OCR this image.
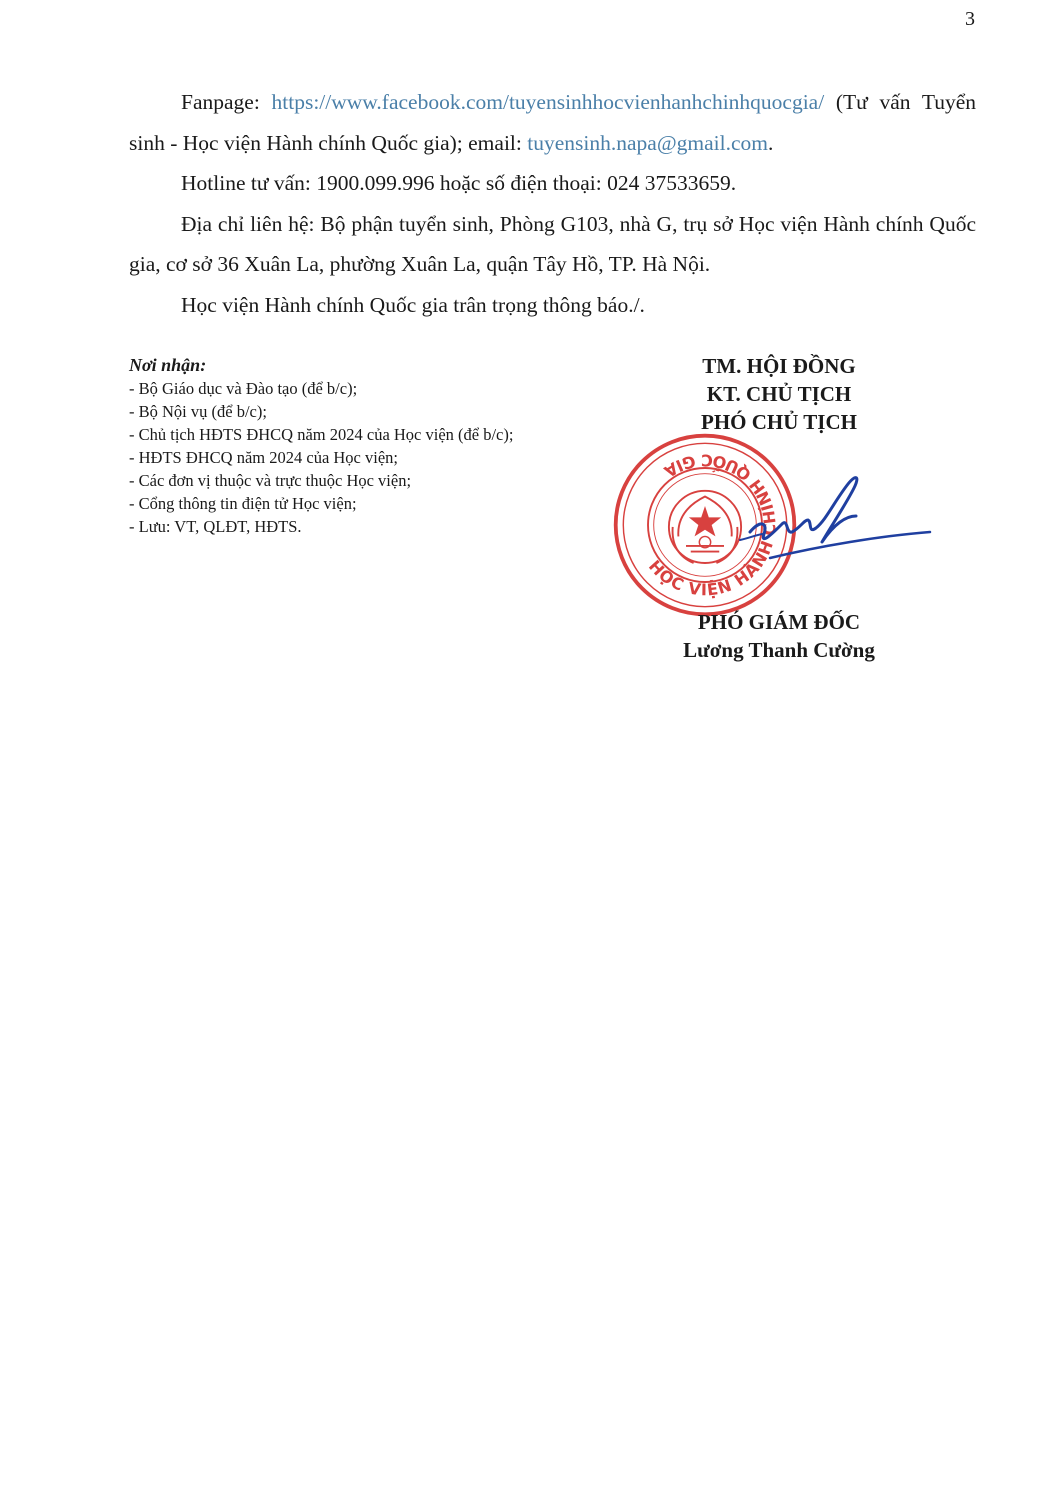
3

Fanpage: https://www.facebook.com/tuyensinhhocvienhanhchinhquocgia/ (Tư vấn Tuyển sinh - Học viện Hành chính Quốc gia); email: tuyensinh.napa@gmail.com.

Hotline tư vấn: 1900.099.996 hoặc số điện thoại: 024 37533659.

Địa chỉ liên hệ: Bộ phận tuyển sinh, Phòng G103, nhà G, trụ sở Học viện Hành chính Quốc gia, cơ sở 36 Xuân La, phường Xuân La, quận Tây Hồ, TP. Hà Nội.

Học viện Hành chính Quốc gia trân trọng thông báo./.

Nơi nhận:
- Bộ Giáo dục và Đào tạo (để b/c);
- Bộ Nội vụ (để b/c);
- Chủ tịch HĐTS ĐHCQ năm 2024 của Học viện (để b/c);
- HĐTS ĐHCQ năm 2024 của Học viện;
- Các đơn vị thuộc và trực thuộc Học viện;
- Cổng thông tin điện tử Học viện;
- Lưu: VT, QLĐT, HĐTS.
TM. HỘI ĐỒNG
KT. CHỦ TỊCH
PHÓ CHỦ TỊCH
HỌC VIỆN HÀNH CHÍNH QUỐC GIA
PHÓ GIÁM ĐỐC
Lương Thanh Cường
